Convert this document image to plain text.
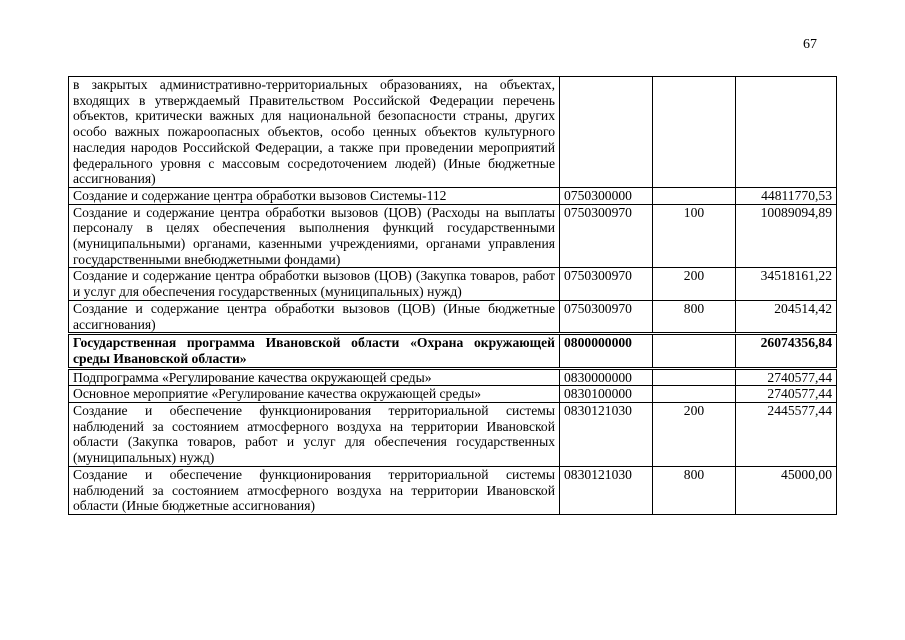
67
в закрытых административно-территориальных образованиях, на объектах, входящих в утверждаемый Правительством Российской Федерации перечень объектов, критически важных для национальной безопасности страны, других особо важных пожароопасных объектов, особо ценных объектов культурного наследия народов Российской Федерации, а также при проведении мероприятий федерального уровня с массовым сосредоточением людей) (Иные бюджетные ассигнования)			
Создание и содержание центра обработки вызовов Системы-112	0750300000		44811770,53
Создание и содержание центра обработки вызовов (ЦОВ) (Расходы на выплаты персоналу в целях обеспечения выполнения функций государственными (муниципальными) органами, казенными учреждениями, органами управления государственными внебюджетными фондами)	0750300970	100	10089094,89
Создание и содержание центра обработки вызовов (ЦОВ) (Закупка товаров, работ и услуг для обеспечения государственных (муниципальных) нужд)	0750300970	200	34518161,22
Создание и содержание центра обработки вызовов (ЦОВ) (Иные бюджетные ассигнования)	0750300970	800	204514,42
Государственная программа Ивановской области «Охрана окружающей среды Ивановской области»	0800000000		26074356,84
Подпрограмма «Регулирование качества окружающей среды»	0830000000		2740577,44
Основное мероприятие «Регулирование качества окружающей среды»	0830100000		2740577,44
Создание и обеспечение функционирования территориальной системы наблюдений за состоянием атмосферного воздуха на территории Ивановской области (Закупка товаров, работ и услуг для обеспечения государственных (муниципальных) нужд)	0830121030	200	2445577,44
Создание и обеспечение функционирования территориальной системы наблюдений за состоянием атмосферного воздуха на территории Ивановской области (Иные бюджетные ассигнования)	0830121030	800	45000,00
